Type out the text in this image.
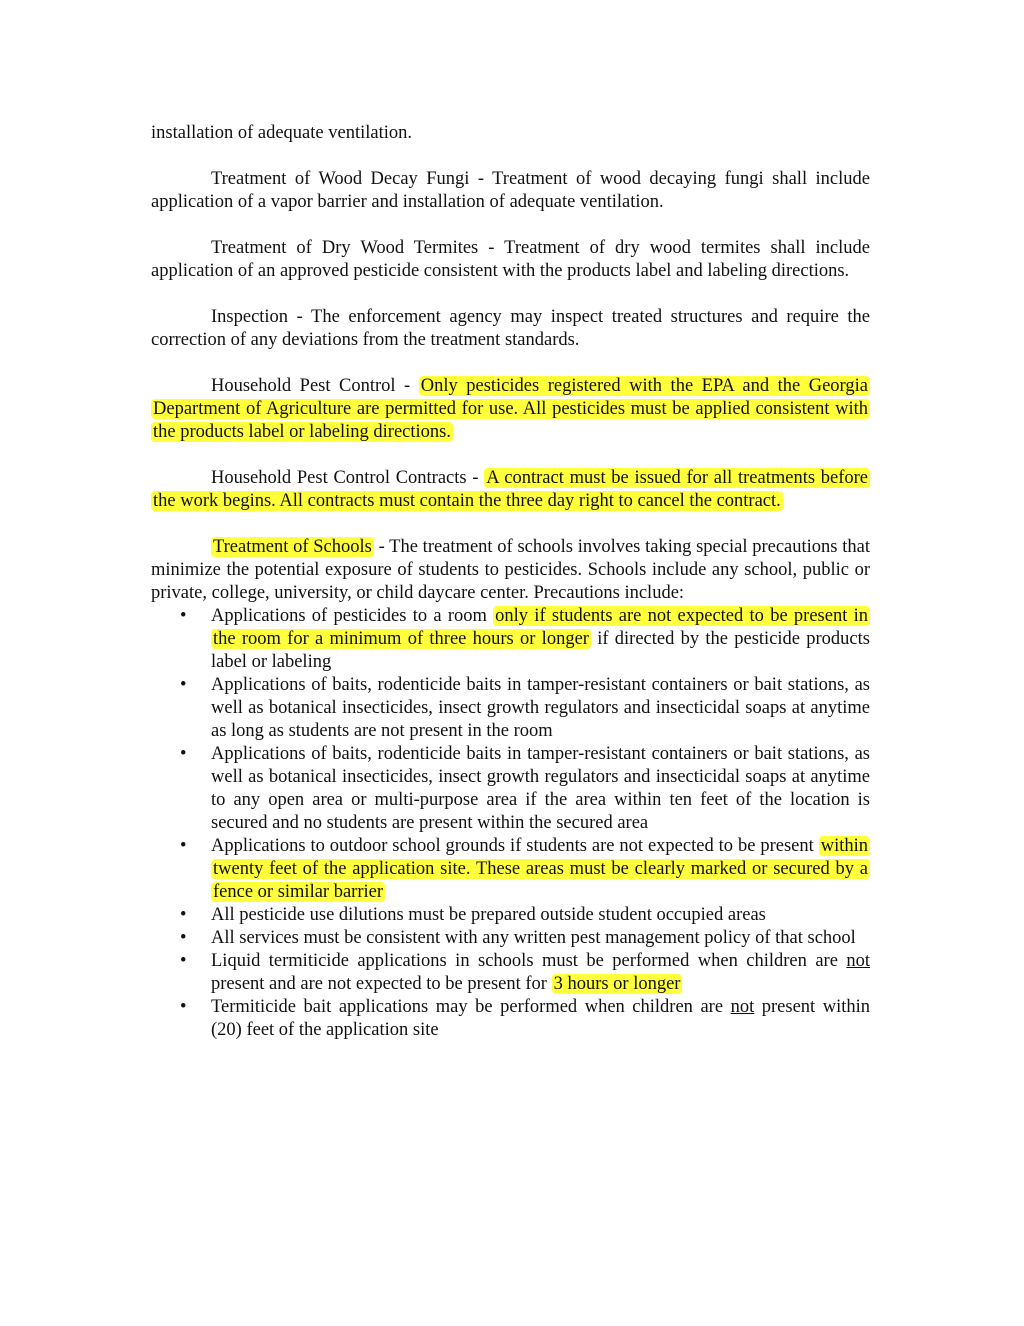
installation of adequate ventilation.

Treatment of Wood Decay Fungi - Treatment of wood decaying fungi shall include application of a vapor barrier and installation of adequate ventilation.

Treatment of Dry Wood Termites - Treatment of dry wood termites shall include application of an approved pesticide consistent with the products label and labeling directions.

Inspection - The enforcement agency may inspect treated structures and require the correction of any deviations from the treatment standards.

Household Pest Control - Only pesticides registered with the EPA and the Georgia Department of Agriculture are permitted for use. All pesticides must be applied consistent with the products label or labeling directions.

Household Pest Control Contracts - A contract must be issued for all treatments before the work begins. All contracts must contain the three day right to cancel the contract.

Treatment of Schools - The treatment of schools involves taking special precautions that minimize the potential exposure of students to pesticides. Schools include any school, public or private, college, university, or child daycare center. Precautions include:

• Applications of pesticides to a room only if students are not expected to be present in the room for a minimum of three hours or longer if directed by the pesticide products label or labeling
• Applications of baits, rodenticide baits in tamper-resistant containers or bait stations, as well as botanical insecticides, insect growth regulators and insecticidal soaps at anytime as long as students are not present in the room
• Applications of baits, rodenticide baits in tamper-resistant containers or bait stations, as well as botanical insecticides, insect growth regulators and insecticidal soaps at anytime to any open area or multi-purpose area if the area within ten feet of the location is secured and no students are present within the secured area
• Applications to outdoor school grounds if students are not expected to be present within twenty feet of the application site. These areas must be clearly marked or secured by a fence or similar barrier
• All pesticide use dilutions must be prepared outside student occupied areas
• All services must be consistent with any written pest management policy of that school
• Liquid termiticide applications in schools must be performed when children are not present and are not expected to be present for 3 hours or longer
• Termiticide bait applications may be performed when children are not present within (20) feet of the application site
